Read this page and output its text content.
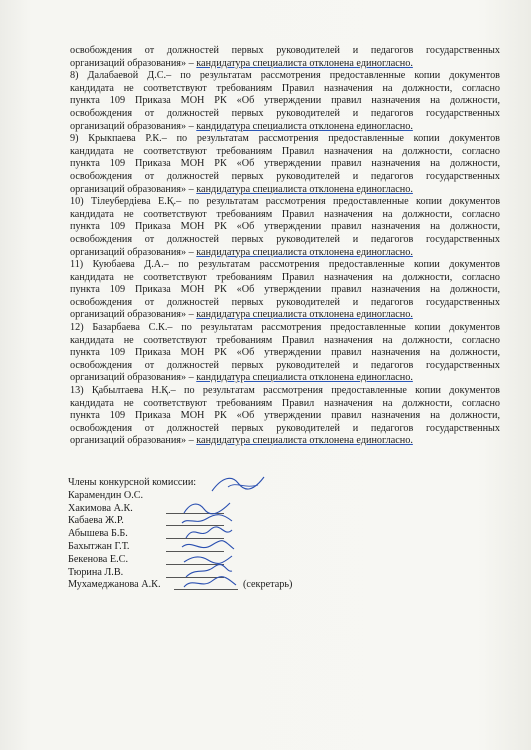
освобождения от должностей первых руководителей и педагогов государственных
организаций образования» – кандидатура специалиста отклонена единогласно.
8) Далабаевой Д.С.– по результатам рассмотрения предоставленные копии документов
кандидата не соответствуют требованиям Правил назначения на должности, согласно
пункта 109 Приказа МОН РК «Об утверждении правил назначения на должности,
освобождения от должностей первых руководителей и педагогов государственных
организаций образования» – кандидатура специалиста отклонена единогласно.
9) Крыкпаева Р.К.– по результатам рассмотрения предоставленные копии документов
кандидата не соответствуют требованиям Правил назначения на должности, согласно
пункта 109 Приказа МОН РК «Об утверждении правил назначения на должности,
освобождения от должностей первых руководителей и педагогов государственных
организаций образования» – кандидатура специалиста отклонена единогласно.
10) Тілеубердіева Е.Қ.– по результатам рассмотрения предоставленные копии документов
кандидата не соответствуют требованиям Правил назначения на должности, согласно
пункта 109 Приказа МОН РК «Об утверждении правил назначения на должности,
освобождения от должностей первых руководителей и педагогов государственных
организаций образования» – кандидатура специалиста отклонена единогласно.
11) Куюбаева Д.А.– по результатам рассмотрения предоставленные копии документов
кандидата не соответствуют требованиям Правил назначения на должности, согласно
пункта 109 Приказа МОН РК «Об утверждении правил назначения на должности,
освобождения от должностей первых руководителей и педагогов государственных
организаций образования» – кандидатура специалиста отклонена единогласно.
12) Базарбаева С.К.– по результатам рассмотрения предоставленные копии документов
кандидата не соответствуют требованиям Правил назначения на должности, согласно
пункта 109 Приказа МОН РК «Об утверждении правил назначения на должности,
освобождения от должностей первых руководителей и педагогов государственных
организаций образования» – кандидатура специалиста отклонена единогласно.
13) Қабылтаева Н.Қ.– по результатам рассмотрения предоставленные копии документов
кандидата не соответствуют требованиям Правил назначения на должности, согласно
пункта 109 Приказа МОН РК «Об утверждении правил назначения на должности,
освобождения от должностей первых руководителей и педагогов государственных
организаций образования» – кандидатура специалиста отклонена единогласно.
Члены конкурсной комиссии:
Карамендин О.С.
Хакимова А.К.
Кабаева Ж.Р.
Абышева Б.Б.
Бахытжан Г.Т.
Бекенова Е.С.
Тюрина Л.В.
Мухамеджанова А.К.	(секретарь)
